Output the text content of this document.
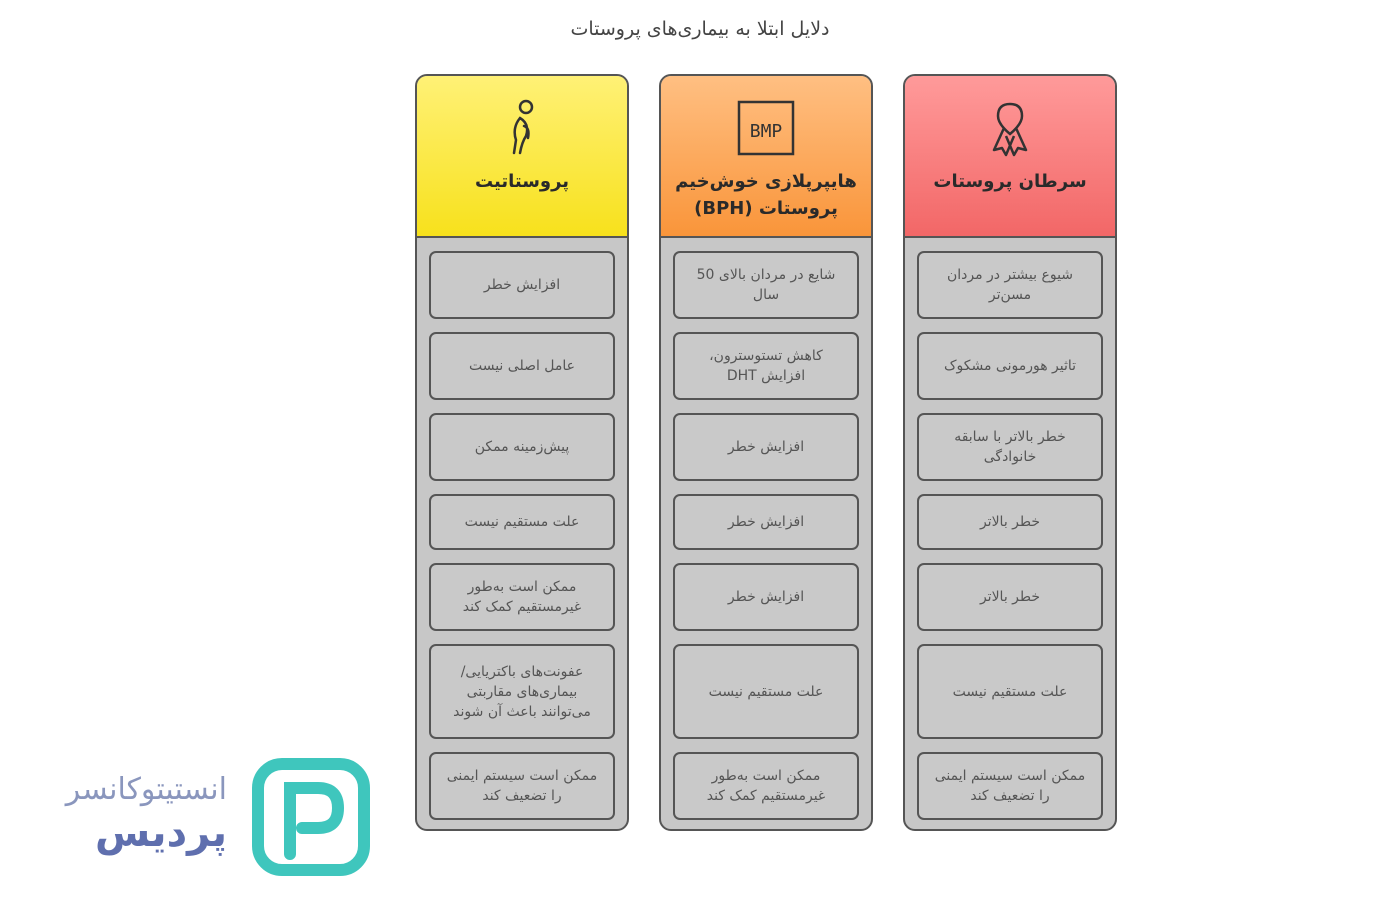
دلایل ابتلا به بیماری‌های پروستات
پروستاتیت
افزایش خطر
عامل اصلی نیست
پیش‌زمینه ممکن
علت مستقیم نیست
ممکن است به‌طور غیرمستقیم کمک کند
عفونت‌های باکتریایی/ بیماری‌های مقاربتی می‌توانند باعث آن شوند
ممکن است سیستم ایمنی را تضعیف کند
BMP
هایپرپلازی خوش‌خیم پروستات (BPH)
شایع در مردان بالای 50 سال
کاهش تستوسترون، افزایش DHT
افزایش خطر
افزایش خطر
افزایش خطر
علت مستقیم نیست
ممکن است به‌طور غیرمستقیم کمک کند
سرطان پروستات
شیوع بیشتر در مردان مسن‌تر
تاثیر هورمونی مشکوک
خطر بالاتر با سابقه خانوادگی
خطر بالاتر
خطر بالاتر
علت مستقیم نیست
ممکن است سیستم ایمنی را تضعیف کند
انستیتوکانسر
پردیس
